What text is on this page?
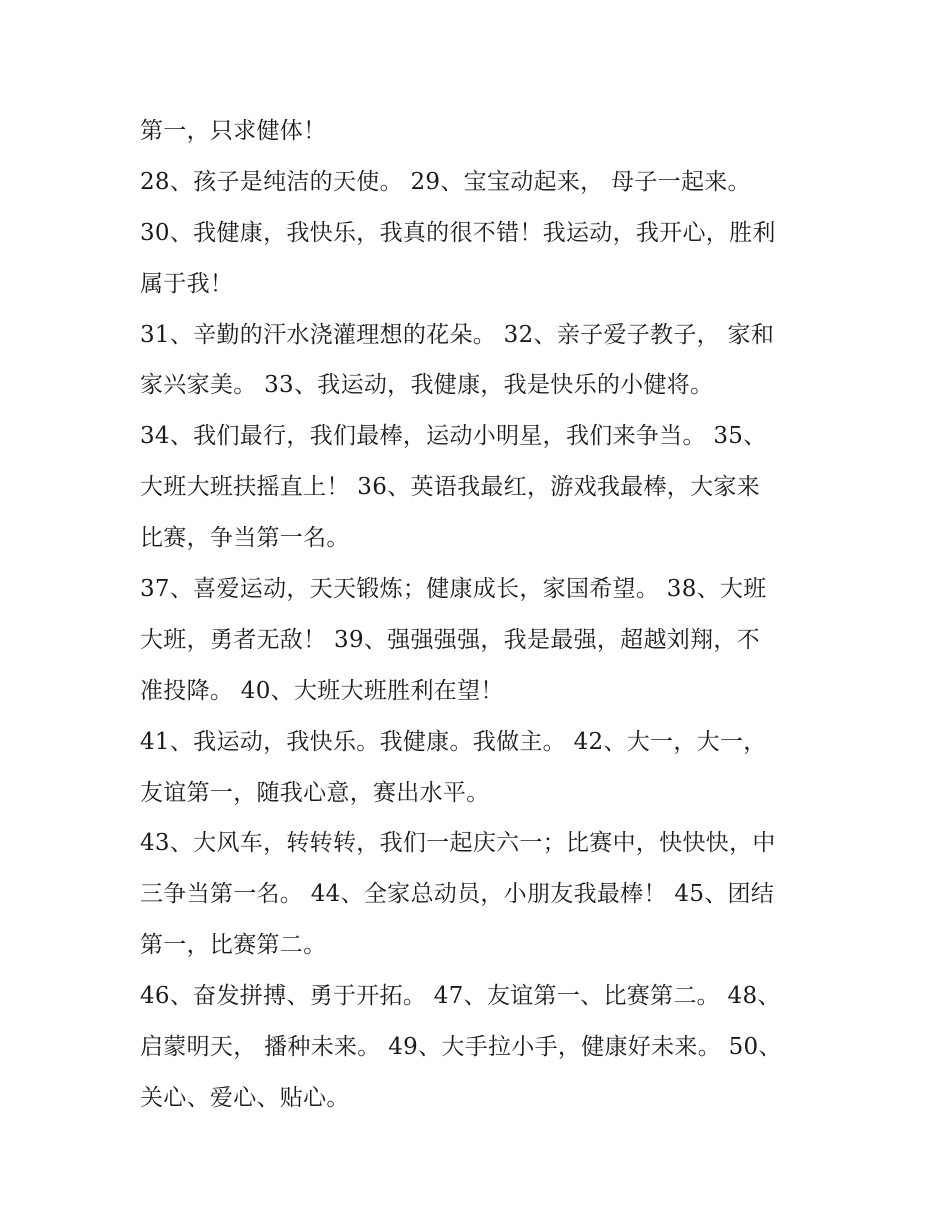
第一，只求健体！
28、孩子是纯洁的天使。 29、宝宝动起来， 母子一起来。
30、我健康，我快乐，我真的很不错！我运动，我开心，胜利
属于我！
31、辛勤的汗水浇灌理想的花朵。 32、亲子爱子教子， 家和
家兴家美。 33、我运动，我健康，我是快乐的小健将。
34、我们最行，我们最棒，运动小明星，我们来争当。 35、
大班大班扶摇直上！ 36、英语我最红，游戏我最棒，大家来
比赛，争当第一名。
37、喜爱运动，天天锻炼；健康成长，家国希望。 38、大班
大班，勇者无敌！ 39、强强强强，我是最强，超越刘翔，不
准投降。 40、大班大班胜利在望！
41、我运动，我快乐。我健康。我做主。 42、大一，大一，
友谊第一，随我心意，赛出水平。
43、大风车，转转转，我们一起庆六一；比赛中，快快快，中
三争当第一名。 44、全家总动员，小朋友我最棒！ 45、团结
第一，比赛第二。
46、奋发拼搏、勇于开拓。 47、友谊第一、比赛第二。 48、
启蒙明天， 播种未来。 49、大手拉小手，健康好未来。 50、
关心、爱心、贴心。
